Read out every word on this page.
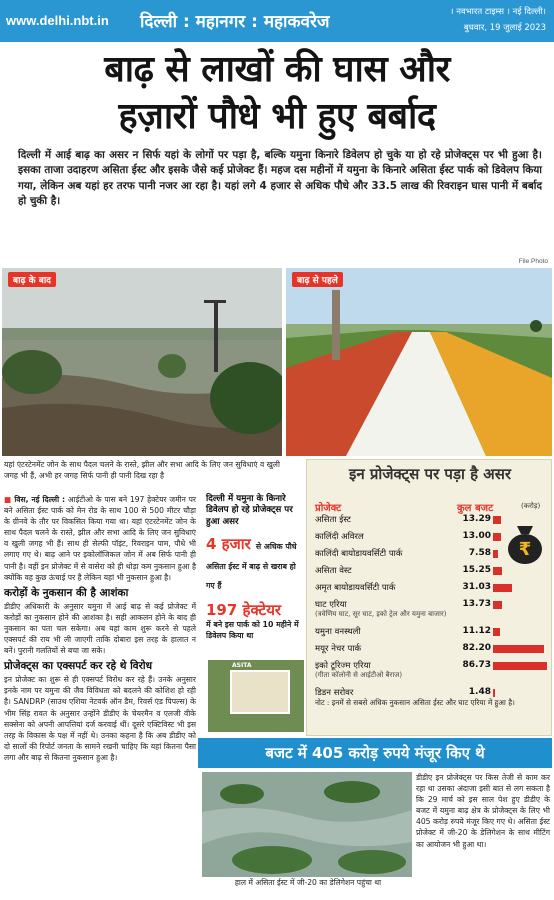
www.delhi.nbt.in दिल्ली : महानगर : महाकवरेज	। नवभारत टाइम्स । नई दिल्ली।
बुधवार, 19 जुलाई 2023
बाढ़ से लाखों की घास और
हज़ारों पौधे भी हुए बर्बाद

दिल्ली में आई बाढ़ का असर न सिर्फ यहां के लोगों पर पड़ा है, बल्कि यमुना किनारे डिवेलप हो चुके या हो रहे प्रोजेक्ट्स पर भी हुआ है। इसका ताजा उदाहरण असिता ईस्ट और इसके जैसे कई प्रोजेक्ट हैं। महज दस महीनों में यमुना के किनारे असिता ईस्ट पार्क को डिवेलप किया गया, लेकिन अब यहां हर तरफ पानी नजर आ रहा है। यहां लगे 4 हजार से अधिक पौधे और 33.5 लाख की रिवराइन घास पानी में बर्बाद हो चुकी है।

File Photo
बाढ़ के बाद	बाढ़ से पहले

यहां एंटरटेनमेंट जोन के साथ पैदल चलने के रास्ते, झील और सभा आदि के लिए जन सुविधाएं व खुली जगह भी हैं, अभी हर जगह सिर्फ पानी ही पानी दिख रहा है	इन प्रोजेक्ट्स पर पड़ा है असर
प्रोजेक्ट	कुल बजट	(करोड़)
₹

नोट : इनमें से सबसे अधिक नुकसान असिता ईस्ट और घाट एरिया में हुआ है।

असिता ईस्ट	13.29
कालिंदी अविरल	13.00
कालिंदी बायोडायवर्सिटी पार्क	7.58
असिता वेस्ट	15.25
अमृत बायोडायवर्सिटी पार्क	31.03
घाट एरिया	13.73
(त्रवेणिय घाट, सूर घाट, इको ट्रेल और यमुना बाजार)
यमुना वनस्थली	11.12
मयूर नेचर पार्क	82.20
इको टूरिज्म एरिया	86.73
(गीता कॉलोनी से आईटीओ बैराज)
डिडन सरोवर	1.48

■ विस, नई दिल्ली : आईटीओ के पास बने 197 हेक्टेयर जमीन पर बने असिता ईस्ट पार्क को मेन रोड के साथ 100 से 500 मीटर चौड़ा के ग्रीनवे के तौर पर विकसित किया गया था। यहां एंटरटेनमेंट जोन के साथ पैदल चलने के रास्ते, झील और सभा आदि के लिए जन सुविधाएं व खुली जगह भी हैं। साथ ही सेल्फी पॉइंट, रिवराइन पाम, पौधे भी लगाए गए थे। बाढ़ आने पर इकोलॉजिकल जोन में अब सिर्फ पानी ही पानी है। वहीं इन प्रोजेक्ट में से वासेरा को ही थोड़ा कम नुकसान हुआ है क्योंकि वह कुछ ऊंचाई पर है लेकिन यहां भी नुकसान हुआ है।

करोड़ों के नुकसान की है आशंका

डीडीए अधिकारी के अनुसार यमुना में आई बाढ़ से कई प्रोजेक्ट में करोड़ों का नुकसान होने की आशंका है। सही आकलन होने के बाद ही नुकसान का पता चल सकेगा। अब यहां काम शुरू करने से पहले एक्सपर्ट की राय भी ली जाएगी ताकि दोबारा इस तरह के हालात न बनें। पुरानी गलतियों से बचा जा सके।

प्रोजेक्ट्स का एक्सपर्ट कर रहे थे विरोध

इन प्रोजेक्ट का शुरू से ही एक्सपर्ट विरोध कर रहे हैं। उनके अनुसार इनके नाम पर यमुना की जैव विविधता को बदलने की कोशिश हो रही है। SANDRP (साउथ एशिया नेटवर्क ऑन डैम, रिवर्स एंड पिपल्स) के भीम सिंह रावत के अनुसार उन्होंने डीडीए के चेयरमैन व एलजी वीके सक्सेना को अपनी आपत्तियां दर्ज करवाई थीं। दूसरे एक्टिविस्ट भी इस तरह के विकास के पक्ष में नहीं थे। उनका कहना है कि अब डीडीए को दो सालों की रिपोर्ट जनता के सामने रखनी चाहिए कि यहां कितना पैसा लगा और बाढ़ से कितना नुकसान हुआ है।

दिल्ली में यमुना के किनारे डिवेलप हो रहे प्रोजेक्ट्स पर हुआ असर
4 हजार से अधिक पौधे असिता ईस्ट में बाढ़ से खराब हो गए हैं
197 हेक्टेयर
में बने इस पार्क को 10 महीने में डिवेलप किया था
ASITA
बजट में 405 करोड़ रुपये मंजूर किए थे

हाल में असिता ईस्ट में जी-20 का डेलिगेशन पहुंचा था

डीडीए इन प्रोजेक्ट्स पर किस तेजी से काम कर रहा था उसका अंदाजा इसी बात से लग सकता है कि 29 मार्च को इस साल पेश हुए डीडीए के बजट में यमुना बाढ़ क्षेत्र के प्रोजेक्ट्स के लिए भी 405 करोड़ रुपये मंजूर किए गए थे। असिता ईस्ट प्रोजेक्ट में जी-20 के डेलिगेशन के साथ मीटिंग का आयोजन भी हुआ था।
